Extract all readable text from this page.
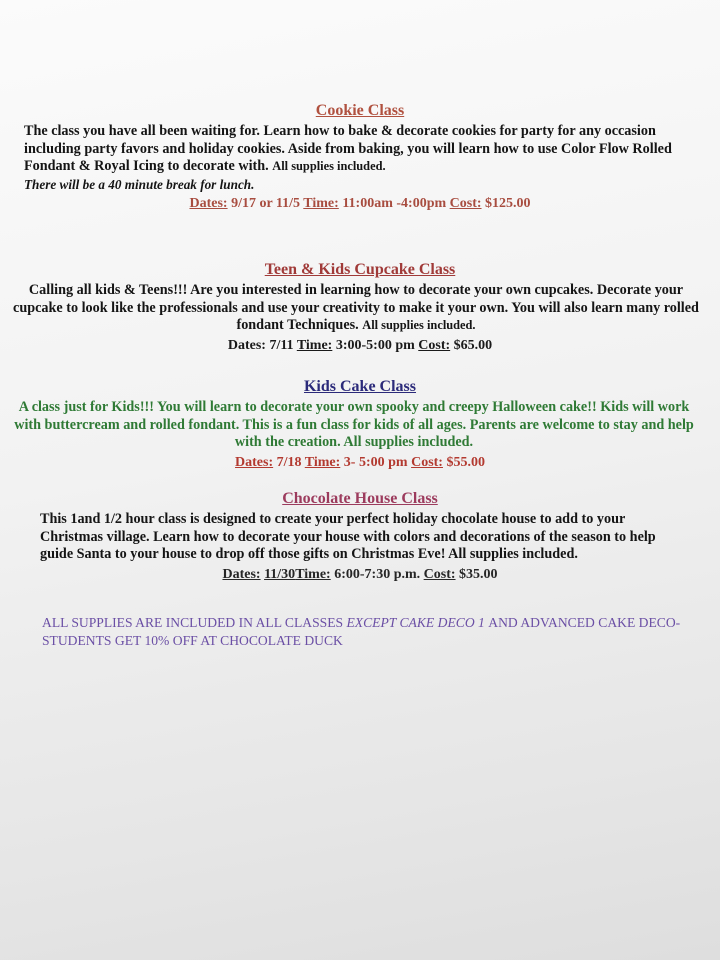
Cookie Class

The class you have all been waiting for. Learn how to bake & decorate cookies for party for any occasion including party favors and holiday cookies. Aside from baking, you will learn how to use Color Flow Rolled Fondant & Royal Icing to decorate with. All supplies included.
There will be a 40 minute break for lunch.

Dates: 9/17 or 11/5 Time: 11:00am -4:00pm Cost: $125.00

Teen & Kids Cupcake Class

Calling all kids & Teens!!! Are you interested in learning how to decorate your own cupcakes. Decorate your cupcake to look like the professionals and use your creativity to make it your own. You will also learn many rolled fondant Techniques. All supplies included.

Dates: 7/11 Time: 3:00-5:00 pm Cost: $65.00

Kids Cake Class

A class just for Kids!!! You will learn to decorate your own spooky and creepy Halloween cake!! Kids will work with buttercream and rolled fondant. This is a fun class for kids of all ages. Parents are welcome to stay and help with the creation. All supplies included.

Dates: 7/18 Time: 3- 5:00 pm Cost: $55.00

Chocolate House Class

This 1and 1/2 hour class is designed to create your perfect holiday chocolate house to add to your Christmas village. Learn how to decorate your house with colors and decorations of the season to help guide Santa to your house to drop off those gifts on Christmas Eve! All supplies included.

Dates: 11/30Time: 6:00-7:30 p.m. Cost: $35.00

ALL SUPPLIES ARE INCLUDED IN ALL CLASSES EXCEPT CAKE DECO 1 AND ADVANCED CAKE DECO- STUDENTS GET 10% OFF AT CHOCOLATE DUCK
